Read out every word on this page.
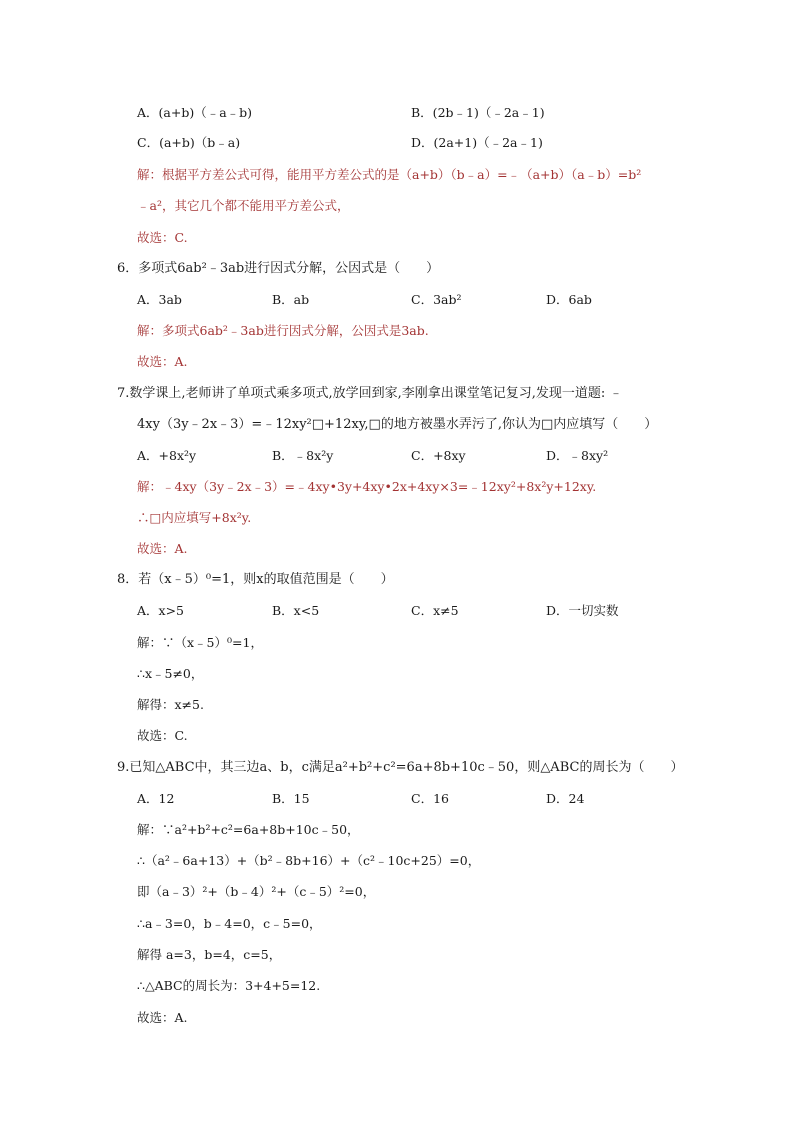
A．(a+b)（﹣a﹣b)	B．(2b﹣1)（﹣2a﹣1)
C．(a+b)（b﹣a)	D．(2a+1)（﹣2a﹣1)
解：根据平方差公式可得，能用平方差公式的是（a+b）（b﹣a）=﹣（a+b）（a﹣b）=b²
﹣a²，其它几个都不能用平方差公式，
故选：C.
6．多项式6ab²﹣3ab进行因式分解，公因式是（　　）
A．3ab	B．ab	C．3ab²	D．6ab
解：多项式6ab²﹣3ab进行因式分解，公因式是3ab.
故选：A.
7.数学课上,老师讲了单项式乘多项式,放学回到家,李刚拿出课堂笔记复习,发现一道题: ﹣
4xy（3y﹣2x﹣3）=﹣12xy²□+12xy,□的地方被墨水弄污了,你认为□内应填写（　　）
A．+8x²y	B．﹣8x²y	C．+8xy	D．﹣8xy²
解：﹣4xy（3y﹣2x﹣3）=﹣4xy•3y+4xy•2x+4xy×3=﹣12xy²+8x²y+12xy.
∴□内应填写+8x²y.
故选：A.
8．若（x﹣5）⁰=1，则x的取值范围是（　　）
A．x>5	B．x<5	C．x≠5	D．一切实数
解：∵（x﹣5）⁰=1，
∴x﹣5≠0，
解得：x≠5.
故选：C.
9.已知△ABC中，其三边a、b，c满足a²+b²+c²=6a+8b+10c﹣50，则△ABC的周长为（　　）
A．12	B．15	C．16	D．24
解：∵a²+b²+c²=6a+8b+10c﹣50，
∴（a²﹣6a+13）+（b²﹣8b+16）+（c²﹣10c+25）=0，
即（a﹣3）²+（b﹣4）²+（c﹣5）²=0，
∴a﹣3=0，b﹣4=0，c﹣5=0，
解得 a=3，b=4，c=5，
∴△ABC的周长为：3+4+5=12.
故选：A.
